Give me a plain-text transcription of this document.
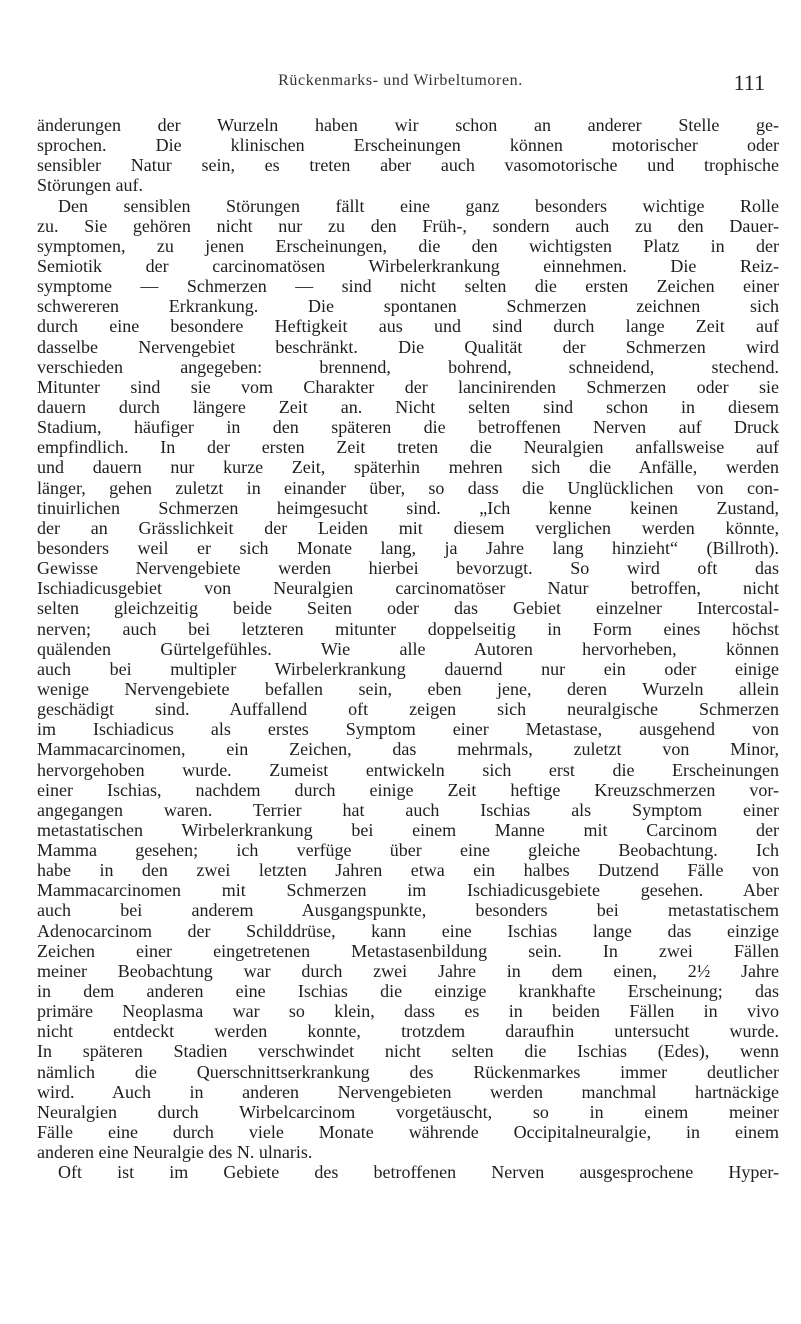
Rückenmarks- und Wirbeltumoren.	111
änderungen der Wurzeln haben wir schon an anderer Stelle ge-
sprochen. Die klinischen Erscheinungen können motorischer oder
sensibler Natur sein, es treten aber auch vasomotorische und trophische
Störungen auf.
Den sensiblen Störungen fällt eine ganz besonders wichtige Rolle
zu. Sie gehören nicht nur zu den Früh-, sondern auch zu den Dauer-
symptomen, zu jenen Erscheinungen, die den wichtigsten Platz in der
Semiotik der carcinomatösen Wirbelerkrankung einnehmen. Die Reiz-
symptome — Schmerzen — sind nicht selten die ersten Zeichen einer
schwereren Erkrankung. Die spontanen Schmerzen zeichnen sich
durch eine besondere Heftigkeit aus und sind durch lange Zeit auf
dasselbe Nervengebiet beschränkt. Die Qualität der Schmerzen wird
verschieden angegeben: brennend, bohrend, schneidend, stechend.
Mitunter sind sie vom Charakter der lancinirenden Schmerzen oder sie
dauern durch längere Zeit an. Nicht selten sind schon in diesem
Stadium, häufiger in den späteren die betroffenen Nerven auf Druck
empfindlich. In der ersten Zeit treten die Neuralgien anfallsweise auf
und dauern nur kurze Zeit, späterhin mehren sich die Anfälle, werden
länger, gehen zuletzt in einander über, so dass die Unglücklichen von con-
tinuirlichen Schmerzen heimgesucht sind. „Ich kenne keinen Zustand,
der an Grässlichkeit der Leiden mit diesem verglichen werden könnte,
besonders weil er sich Monate lang, ja Jahre lang hinzieht“ (Billroth).
Gewisse Nervengebiete werden hierbei bevorzugt. So wird oft das
Ischiadicusgebiet von Neuralgien carcinomatöser Natur betroffen, nicht
selten gleichzeitig beide Seiten oder das Gebiet einzelner Intercostal-
nerven; auch bei letzteren mitunter doppelseitig in Form eines höchst
quälenden Gürtelgefühles. Wie alle Autoren hervorheben, können
auch bei multipler Wirbelerkrankung dauernd nur ein oder einige
wenige Nervengebiete befallen sein, eben jene, deren Wurzeln allein
geschädigt sind. Auffallend oft zeigen sich neuralgische Schmerzen
im Ischiadicus als erstes Symptom einer Metastase, ausgehend von
Mammacarcinomen, ein Zeichen, das mehrmals, zuletzt von Minor,
hervorgehoben wurde. Zumeist entwickeln sich erst die Erscheinungen
einer Ischias, nachdem durch einige Zeit heftige Kreuzschmerzen vor-
angegangen waren. Terrier hat auch Ischias als Symptom einer
metastatischen Wirbelerkrankung bei einem Manne mit Carcinom der
Mamma gesehen; ich verfüge über eine gleiche Beobachtung. Ich
habe in den zwei letzten Jahren etwa ein halbes Dutzend Fälle von
Mammacarcinomen mit Schmerzen im Ischiadicusgebiete gesehen. Aber
auch bei anderem Ausgangspunkte, besonders bei metastatischem
Adenocarcinom der Schilddrüse, kann eine Ischias lange das einzige
Zeichen einer eingetretenen Metastasenbildung sein. In zwei Fällen
meiner Beobachtung war durch zwei Jahre in dem einen, 2½ Jahre
in dem anderen eine Ischias die einzige krankhafte Erscheinung; das
primäre Neoplasma war so klein, dass es in beiden Fällen in vivo
nicht entdeckt werden konnte, trotzdem daraufhin untersucht wurde.
In späteren Stadien verschwindet nicht selten die Ischias (Edes), wenn
nämlich die Querschnittserkrankung des Rückenmarkes immer deutlicher
wird. Auch in anderen Nervengebieten werden manchmal hartnäckige
Neuralgien durch Wirbelcarcinom vorgetäuscht, so in einem meiner
Fälle eine durch viele Monate währende Occipitalneuralgie, in einem
anderen eine Neuralgie des N. ulnaris.
Oft ist im Gebiete des betroffenen Nerven ausgesprochene Hyper-
